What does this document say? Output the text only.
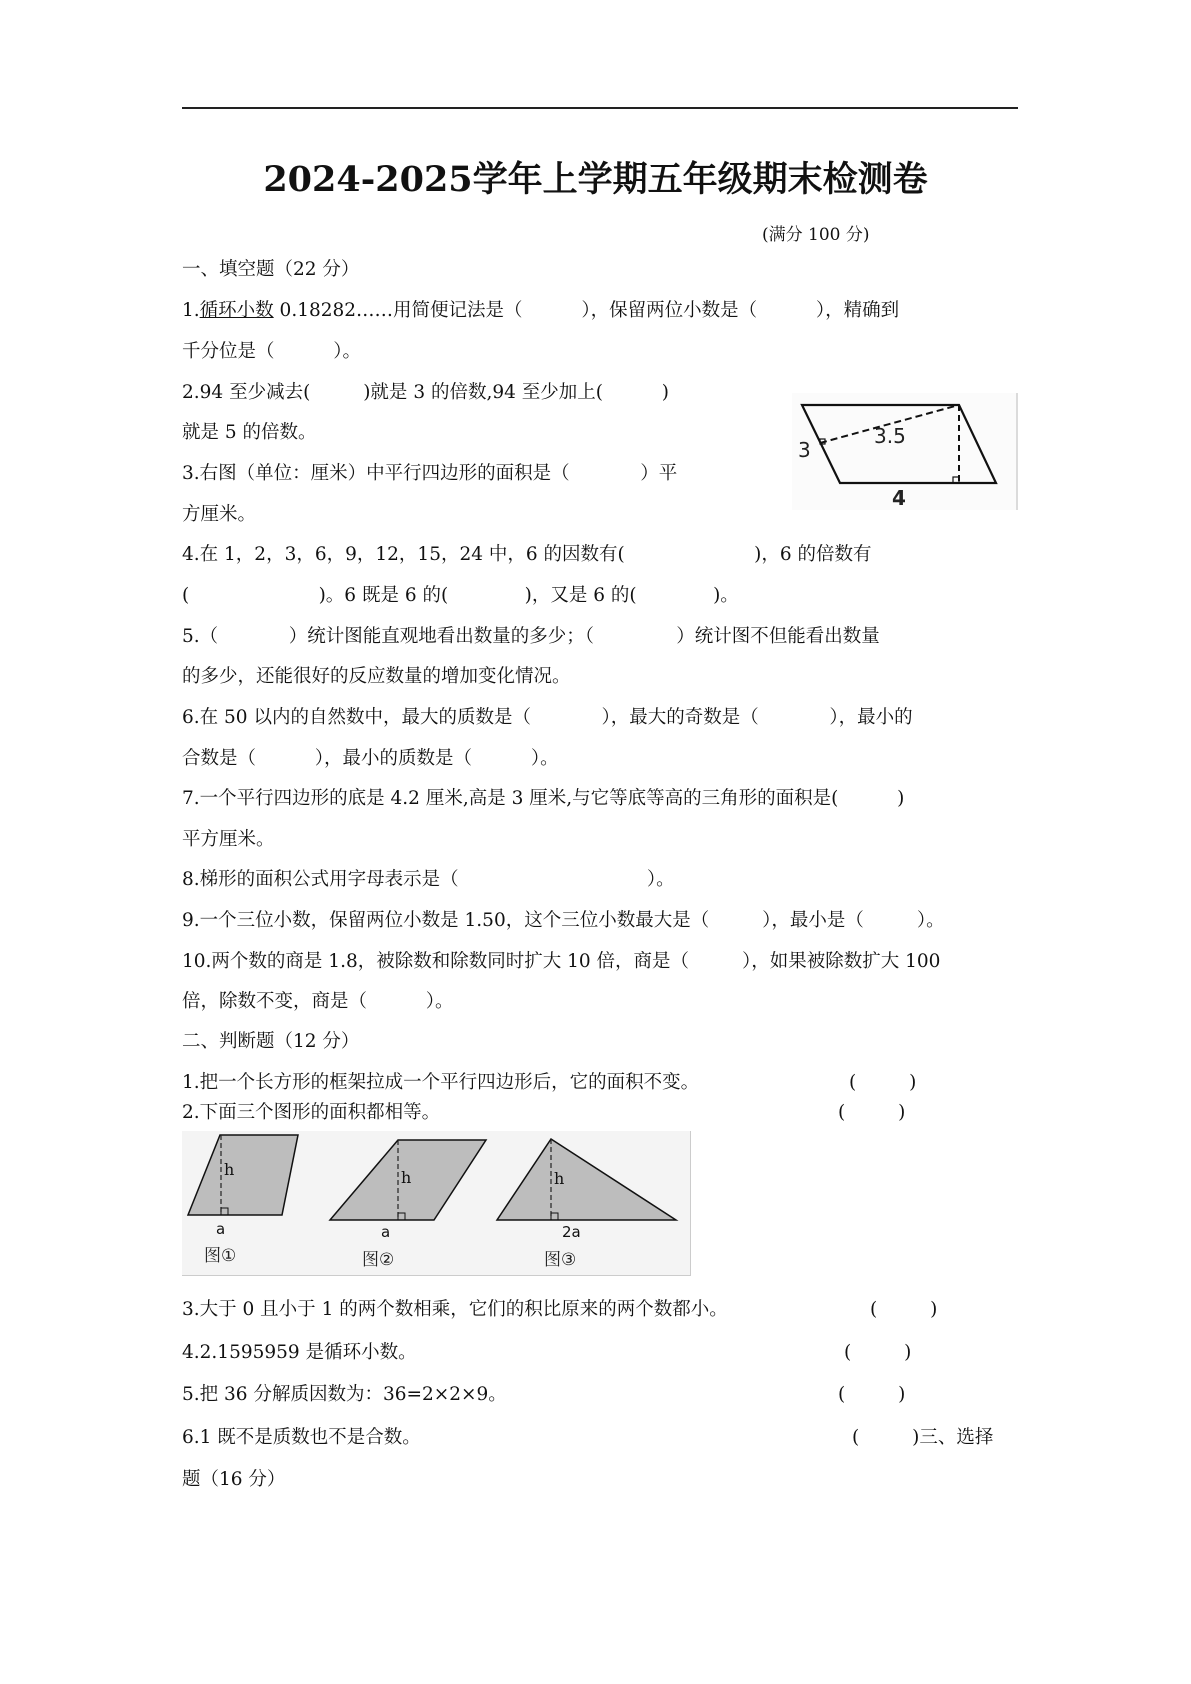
2024-2025学年上学期五年级期末检测卷
(满分 100 分)
一、填空题（22 分）
1.循环小数 0.18282……用简便记法是（          ），保留两位小数是（          ），精确到
千分位是（          ）。
2.94 至少减去(         )就是 3 的倍数,94 至少加上(          )
就是 5 的倍数。
3.右图（单位：厘米）中平行四边形的面积是（            ）平
方厘米。
3
3.5
4
4.在 1，2，3，6，9，12，15，24 中，6 的因数有(                      )，6 的倍数有
(                      )。6 既是 6 的(             )，又是 6 的(             )。
5.（            ）统计图能直观地看出数量的多少；（              ）统计图不但能看出数量
的多少，还能很好的反应数量的增加变化情况。
6.在 50 以内的自然数中，最大的质数是（            ），最大的奇数是（            ），最小的
合数是（          ），最小的质数是（          ）。
7.一个平行四边形的底是 4.2 厘米,高是 3 厘米,与它等底等高的三角形的面积是(          )
平方厘米。
8.梯形的面积公式用字母表示是（                                ）。
9.一个三位小数，保留两位小数是 1.50，这个三位小数最大是（         ），最小是（         ）。
10.两个数的商是 1.8，被除数和除数同时扩大 10 倍，商是（         ），如果被除数扩大 100
倍，除数不变，商是（          ）。
二、判断题（12 分）
1.把一个长方形的框架拉成一个平行四边形后，它的面积不变。	(         )
2.下面三个图形的面积都相等。	(         )
h
a
图①
h
a
图②
h
2a
图③
3.大于 0 且小于 1 的两个数相乘，它们的积比原来的两个数都小。	(         )
4.2.1595959 是循环小数。	(         )
5.把 36 分解质因数为：36=2×2×9。	(         )
6.1 既不是质数也不是合数。	(         )三、选择
题（16 分）
